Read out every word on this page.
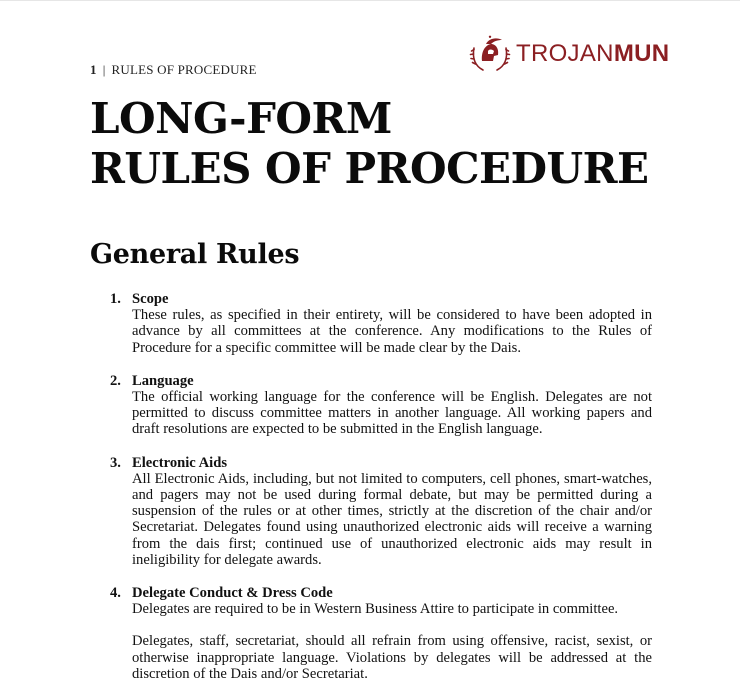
1 | RULES OF PROCEDURE
TROJANMUN
LONG-FORM
RULES OF PROCEDURE
General Rules
1. Scope
These rules, as specified in their entirety, will be considered to have been adopted in advance by all committees at the conference. Any modifications to the Rules of Procedure for a specific committee will be made clear by the Dais.
2. Language
The official working language for the conference will be English. Delegates are not permitted to discuss committee matters in another language. All working papers and draft resolutions are expected to be submitted in the English language.
3. Electronic Aids
All Electronic Aids, including, but not limited to computers, cell phones, smart-watches, and pagers may not be used during formal debate, but may be permitted during a suspension of the rules or at other times, strictly at the discretion of the chair and/or Secretariat. Delegates found using unauthorized electronic aids will receive a warning from the dais first; continued use of unauthorized electronic aids may result in ineligibility for delegate awards.
4. Delegate Conduct & Dress Code
Delegates are required to be in Western Business Attire to participate in committee.
Delegates, staff, secretariat, should all refrain from using offensive, racist, sexist, or otherwise inappropriate language. Violations by delegates will be addressed at the discretion of the Dais and/or Secretariat.
